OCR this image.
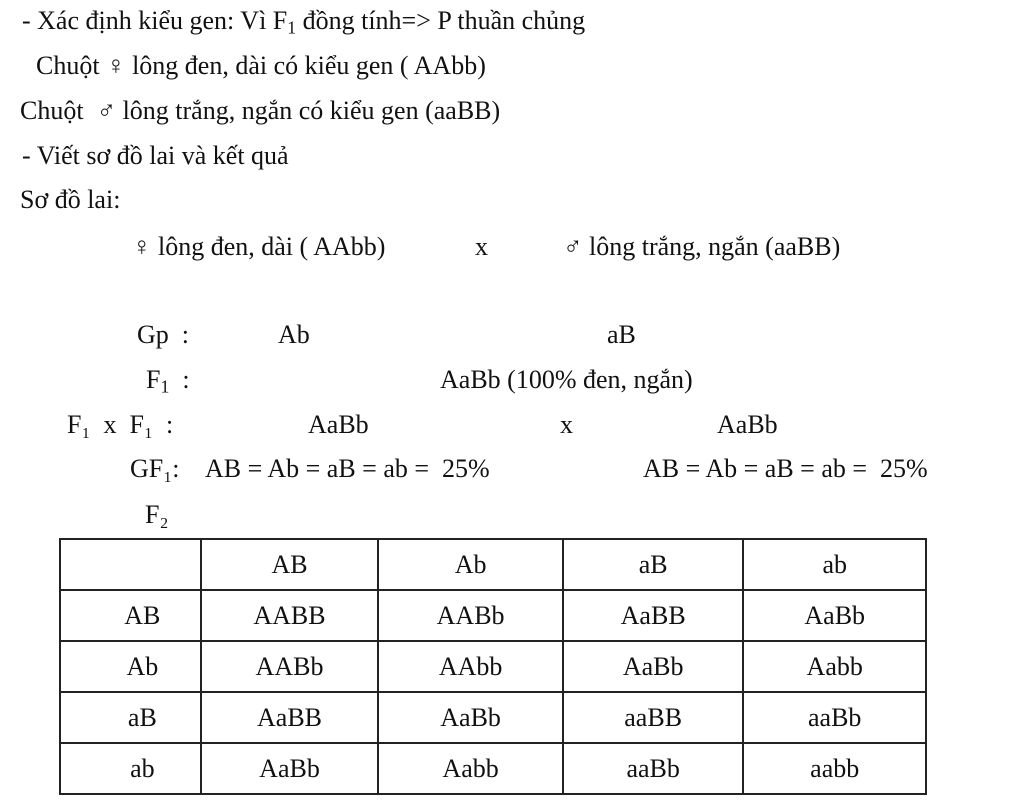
- Xác định kiểu gen: Vì $F_1$ đồng tính=> P thuần chủng
Chuột ♀ lông đen, dài có kiểu gen ( AAbb)
Chuột  ♂ lông trắng, ngắn có kiểu gen (aaBB)
- Viết sơ đồ lai và kết quả
Sơ đồ lai:
♀ lông đen, dài ( AAbb)	x	♂ lông trắng, ngắn (aaBB)
Gp  :	Ab	aB
$F_1$  :	AaBb (100% đen, ngắn)
F₁  x  F₁  :	AaBb	x	AaBb
GF₁: AB = Ab = aB = ab =  25%	AB = Ab = aB = ab =  25%
F₂
	AB	Ab	aB	ab
AB	AABB	AABb	AaBB	AaBb
Ab	AABb	AAbb	AaBb	Aabb
aB	AaBB	AaBb	aaBB	aaBb
ab	AaBb	Aabb	aaBb	aabb
